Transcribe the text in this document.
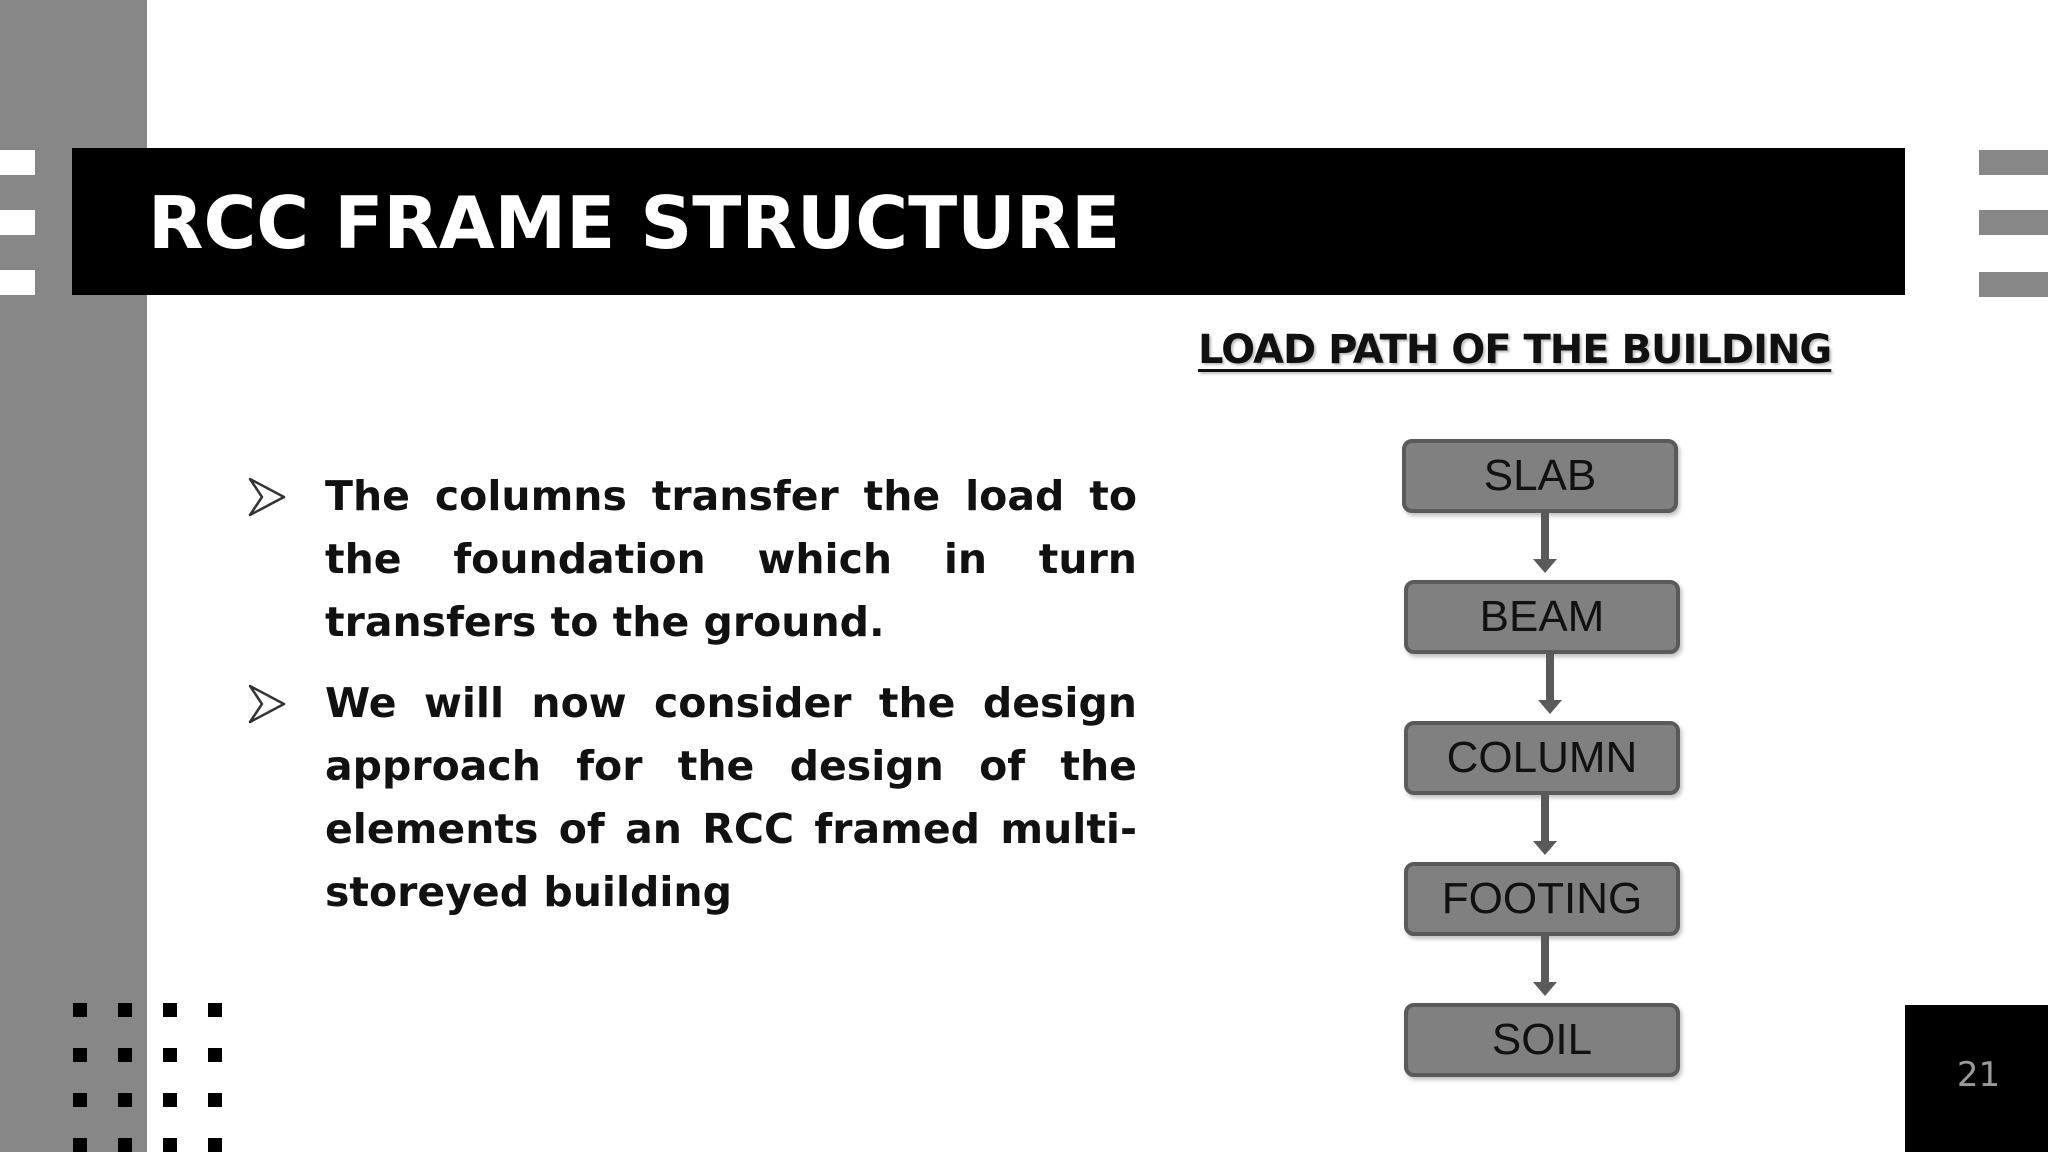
RCC FRAME STRUCTURE
The columns transfer the load to the foundation which in turn transfers to the ground.
We will now consider the design approach for the design of the elements of an RCC framed multi-storeyed building
LOAD PATH OF THE BUILDING
SLAB
BEAM
COLUMN
FOOTING
SOIL
21
